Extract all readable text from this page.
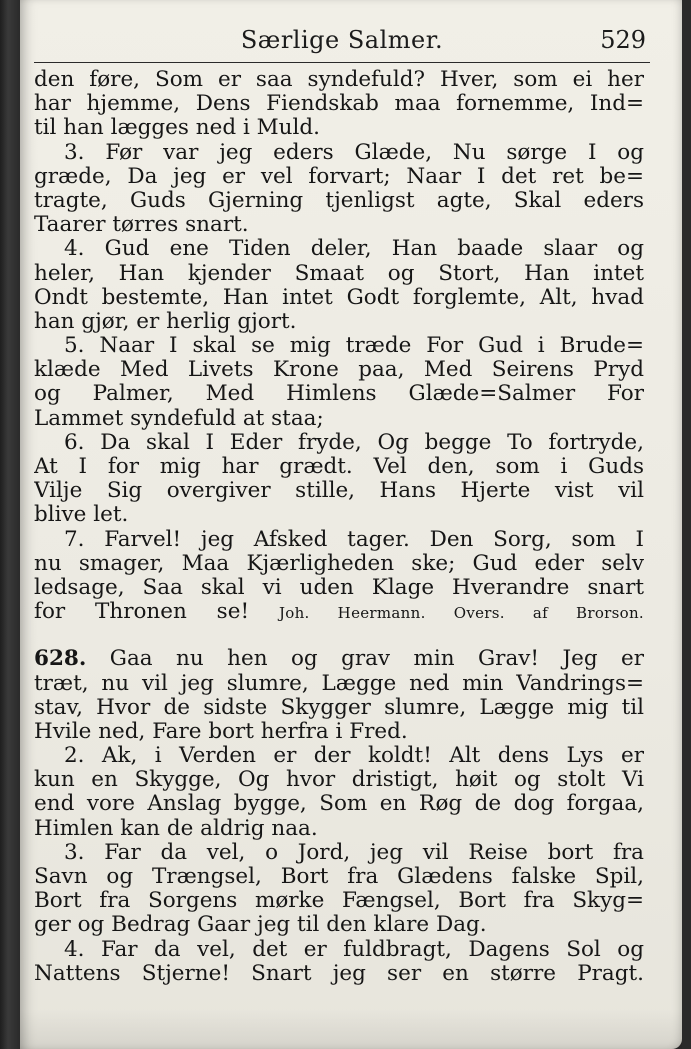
Særlige Salmer.	529
den føre, Som er saa syndefuld? Hver, som ei her
har hjemme, Dens Fiendskab maa fornemme, Ind=
til han lægges ned i Muld.
3. Før var jeg eders Glæde, Nu sørge I og
græde, Da jeg er vel forvart; Naar I det ret be=
tragte, Guds Gjerning tjenligst agte, Skal eders
Taarer tørres snart.
4. Gud ene Tiden deler, Han baade slaar og
heler, Han kjender Smaat og Stort, Han intet
Ondt bestemte, Han intet Godt forglemte, Alt, hvad
han gjør, er herlig gjort.
5. Naar I skal se mig træde For Gud i Brude=
klæde Med Livets Krone paa, Med Seirens Pryd
og Palmer, Med Himlens Glæde=Salmer For
Lammet syndefuld at staa;
6. Da skal I Eder fryde, Og begge To fortryde,
At I for mig har grædt. Vel den, som i Guds
Vilje Sig overgiver stille, Hans Hjerte vist vil
blive let.
7. Farvel! jeg Afsked tager. Den Sorg, som I
nu smager, Maa Kjærligheden ske; Gud eder selv
ledsage, Saa skal vi uden Klage Hverandre snart
for Thronen se! Joh. Heermann. Overs. af Brorson.
628. Gaa nu hen og grav min Grav! Jeg er
træt, nu vil jeg slumre, Lægge ned min Vandrings=
stav, Hvor de sidste Skygger slumre, Lægge mig til
Hvile ned, Fare bort herfra i Fred.
2. Ak, i Verden er der koldt! Alt dens Lys er
kun en Skygge, Og hvor dristigt, høit og stolt Vi
end vore Anslag bygge, Som en Røg de dog forgaa,
Himlen kan de aldrig naa.
3. Far da vel, o Jord, jeg vil Reise bort fra
Savn og Trængsel, Bort fra Glædens falske Spil,
Bort fra Sorgens mørke Fængsel, Bort fra Skyg=
ger og Bedrag Gaar jeg til den klare Dag.
4. Far da vel, det er fuldbragt, Dagens Sol og
Nattens Stjerne! Snart jeg ser en større Pragt.
